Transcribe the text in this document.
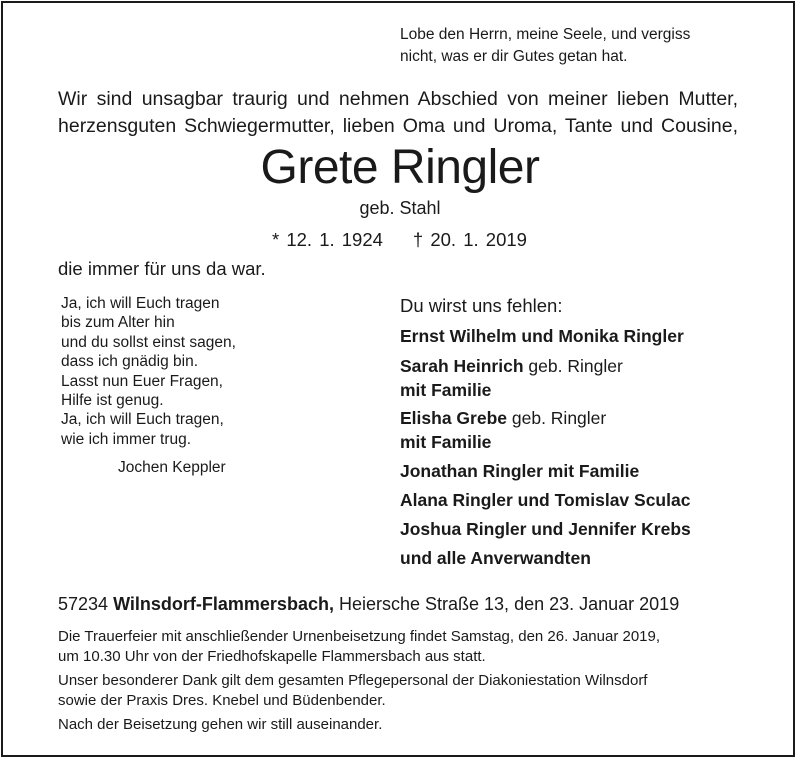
Lobe den Herrn, meine Seele, und vergiss
nicht, was er dir Gutes getan hat.
Wir sind unsagbar traurig und nehmen Abschied von meiner lieben Mutter,
herzensguten Schwiegermutter, lieben Oma und Uroma, Tante und Cousine,
Grete Ringler
geb. Stahl
* 12. 1. 1924 † 20. 1. 2019
die immer für uns da war.
Ja, ich will Euch tragen
bis zum Alter hin
und du sollst einst sagen,
dass ich gnädig bin.
Lasst nun Euer Fragen,
Hilfe ist genug.
Ja, ich will Euch tragen,
wie ich immer trug.
Jochen Keppler
Du wirst uns fehlen:
Ernst Wilhelm und Monika Ringler
Sarah Heinrich geb. Ringler
mit Familie
Elisha Grebe geb. Ringler
mit Familie
Jonathan Ringler mit Familie
Alana Ringler und Tomislav Sculac
Joshua Ringler und Jennifer Krebs
und alle Anverwandten
57234 Wilnsdorf-Flammersbach, Heiersche Straße 13, den 23. Januar 2019
Die Trauerfeier mit anschließender Urnenbeisetzung findet Samstag, den 26. Januar 2019,
um 10.30 Uhr von der Friedhofskapelle Flammersbach aus statt.
Unser besonderer Dank gilt dem gesamten Pflegepersonal der Diakoniestation Wilnsdorf
sowie der Praxis Dres. Knebel und Büdenbender.
Nach der Beisetzung gehen wir still auseinander.
